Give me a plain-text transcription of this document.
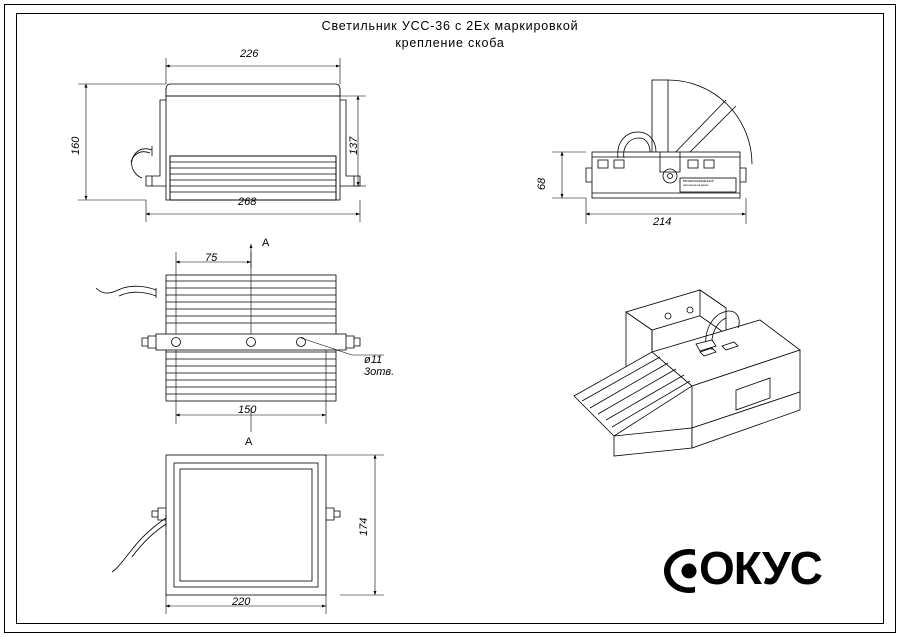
Светильник УСС-36 с 2Ех маркировкой
крепление скоба
226
268
160	137
68
214
75
150
ø11
3отв.
A
A
174
220
ВЗРЫВОЗАЩИЩЁННЫЙ
светильник на кронш
ОКУС
